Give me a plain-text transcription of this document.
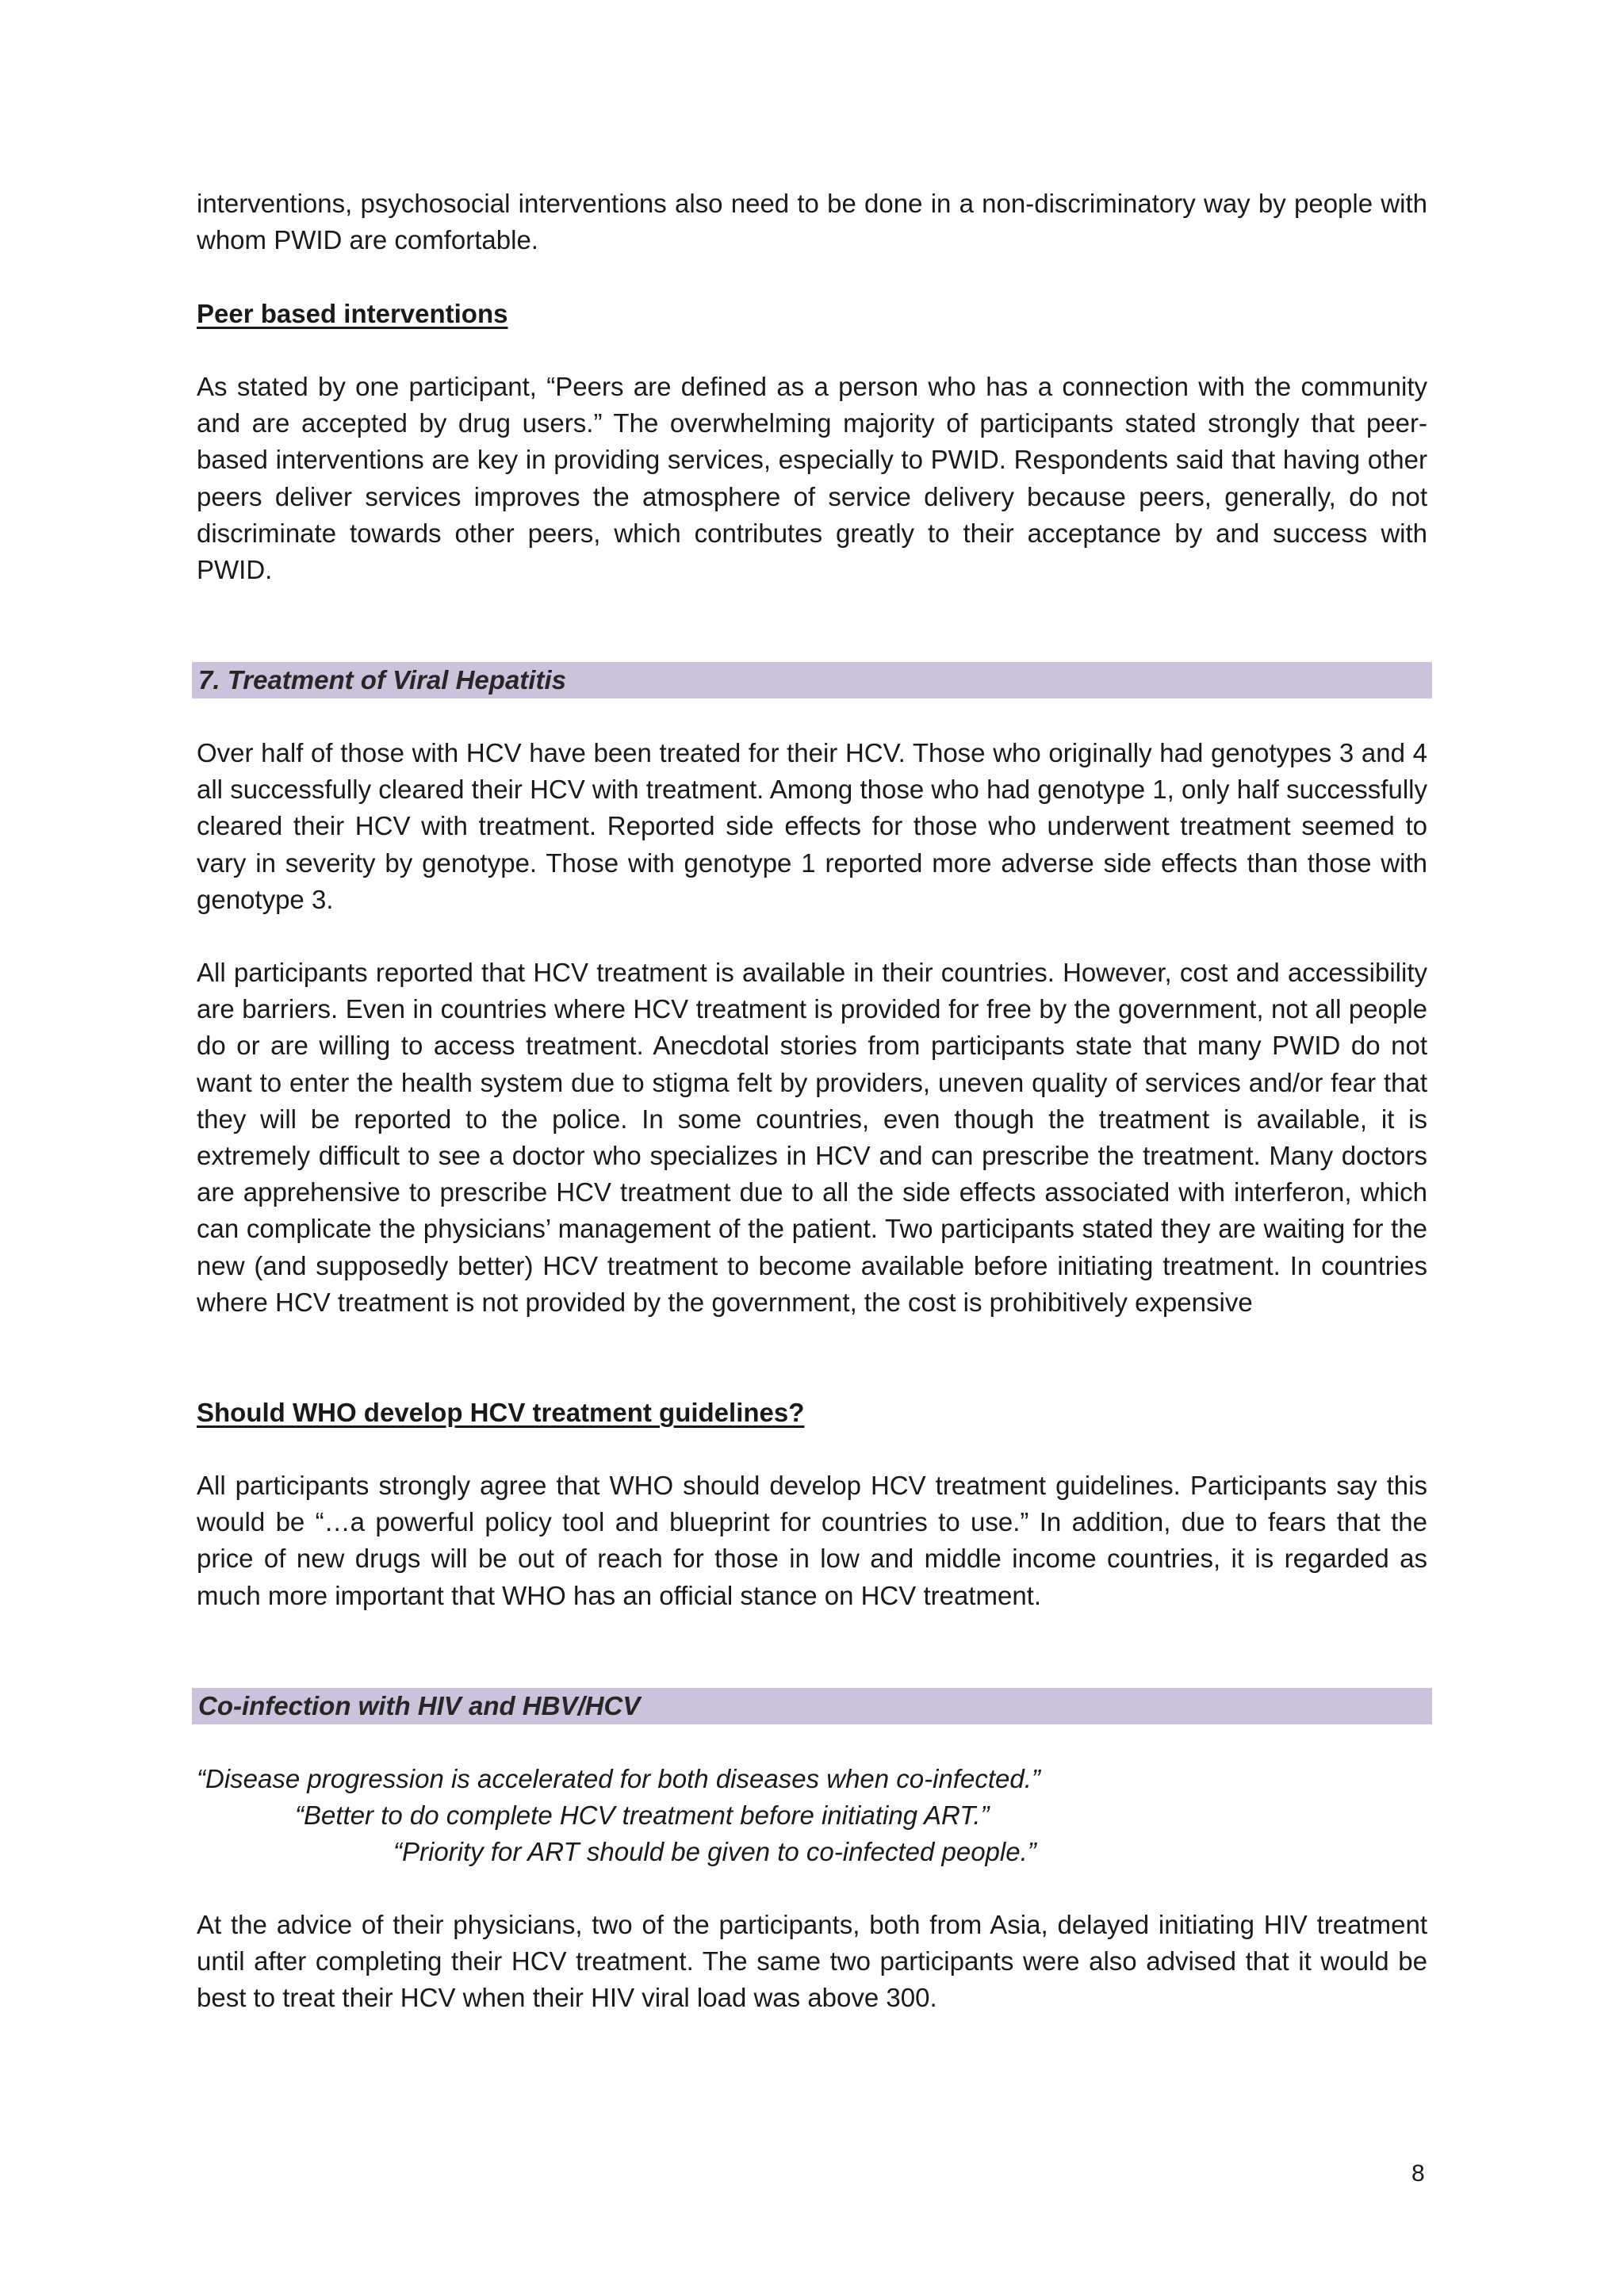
interventions, psychosocial interventions also need to be done in a non-discriminatory way by people with whom PWID are comfortable.

Peer based interventions

As stated by one participant, “Peers are defined as a person who has a connection with the community and are accepted by drug users.” The overwhelming majority of participants stated strongly that peer-based interventions are key in providing services, especially to PWID. Respondents said that having other peers deliver services improves the atmosphere of service delivery because peers, generally, do not discriminate towards other peers, which contributes greatly to their acceptance by and success with PWID.

7. Treatment of Viral Hepatitis

Over half of those with HCV have been treated for their HCV. Those who originally had genotypes 3 and 4 all successfully cleared their HCV with treatment. Among those who had genotype 1, only half successfully cleared their HCV with treatment. Reported side effects for those who underwent treatment seemed to vary in severity by genotype. Those with genotype 1 reported more adverse side effects than those with genotype 3.

All participants reported that HCV treatment is available in their countries. However, cost and accessibility are barriers. Even in countries where HCV treatment is provided for free by the government, not all people do or are willing to access treatment. Anecdotal stories from participants state that many PWID do not want to enter the health system due to stigma felt by providers, uneven quality of services and/or fear that they will be reported to the police. In some countries, even though the treatment is available, it is extremely difficult to see a doctor who specializes in HCV and can prescribe the treatment. Many doctors are apprehensive to prescribe HCV treatment due to all the side effects associated with interferon, which can complicate the physicians’ management of the patient. Two participants stated they are waiting for the new (and supposedly better) HCV treatment to become available before initiating treatment. In countries where HCV treatment is not provided by the government, the cost is prohibitively expensive

Should WHO develop HCV treatment guidelines?

All participants strongly agree that WHO should develop HCV treatment guidelines. Participants say this would be “…a powerful policy tool and blueprint for countries to use.” In addition, due to fears that the price of new drugs will be out of reach for those in low and middle income countries, it is regarded as much more important that WHO has an official stance on HCV treatment.

Co-infection with HIV and HBV/HCV

“Disease progression is accelerated for both diseases when co-infected.”

“Better to do complete HCV treatment before initiating ART.”

“Priority for ART should be given to co-infected people.”

At the advice of their physicians, two of the participants, both from Asia, delayed initiating HIV treatment until after completing their HCV treatment. The same two participants were also advised that it would be best to treat their HCV when their HIV viral load was above 300.

8
